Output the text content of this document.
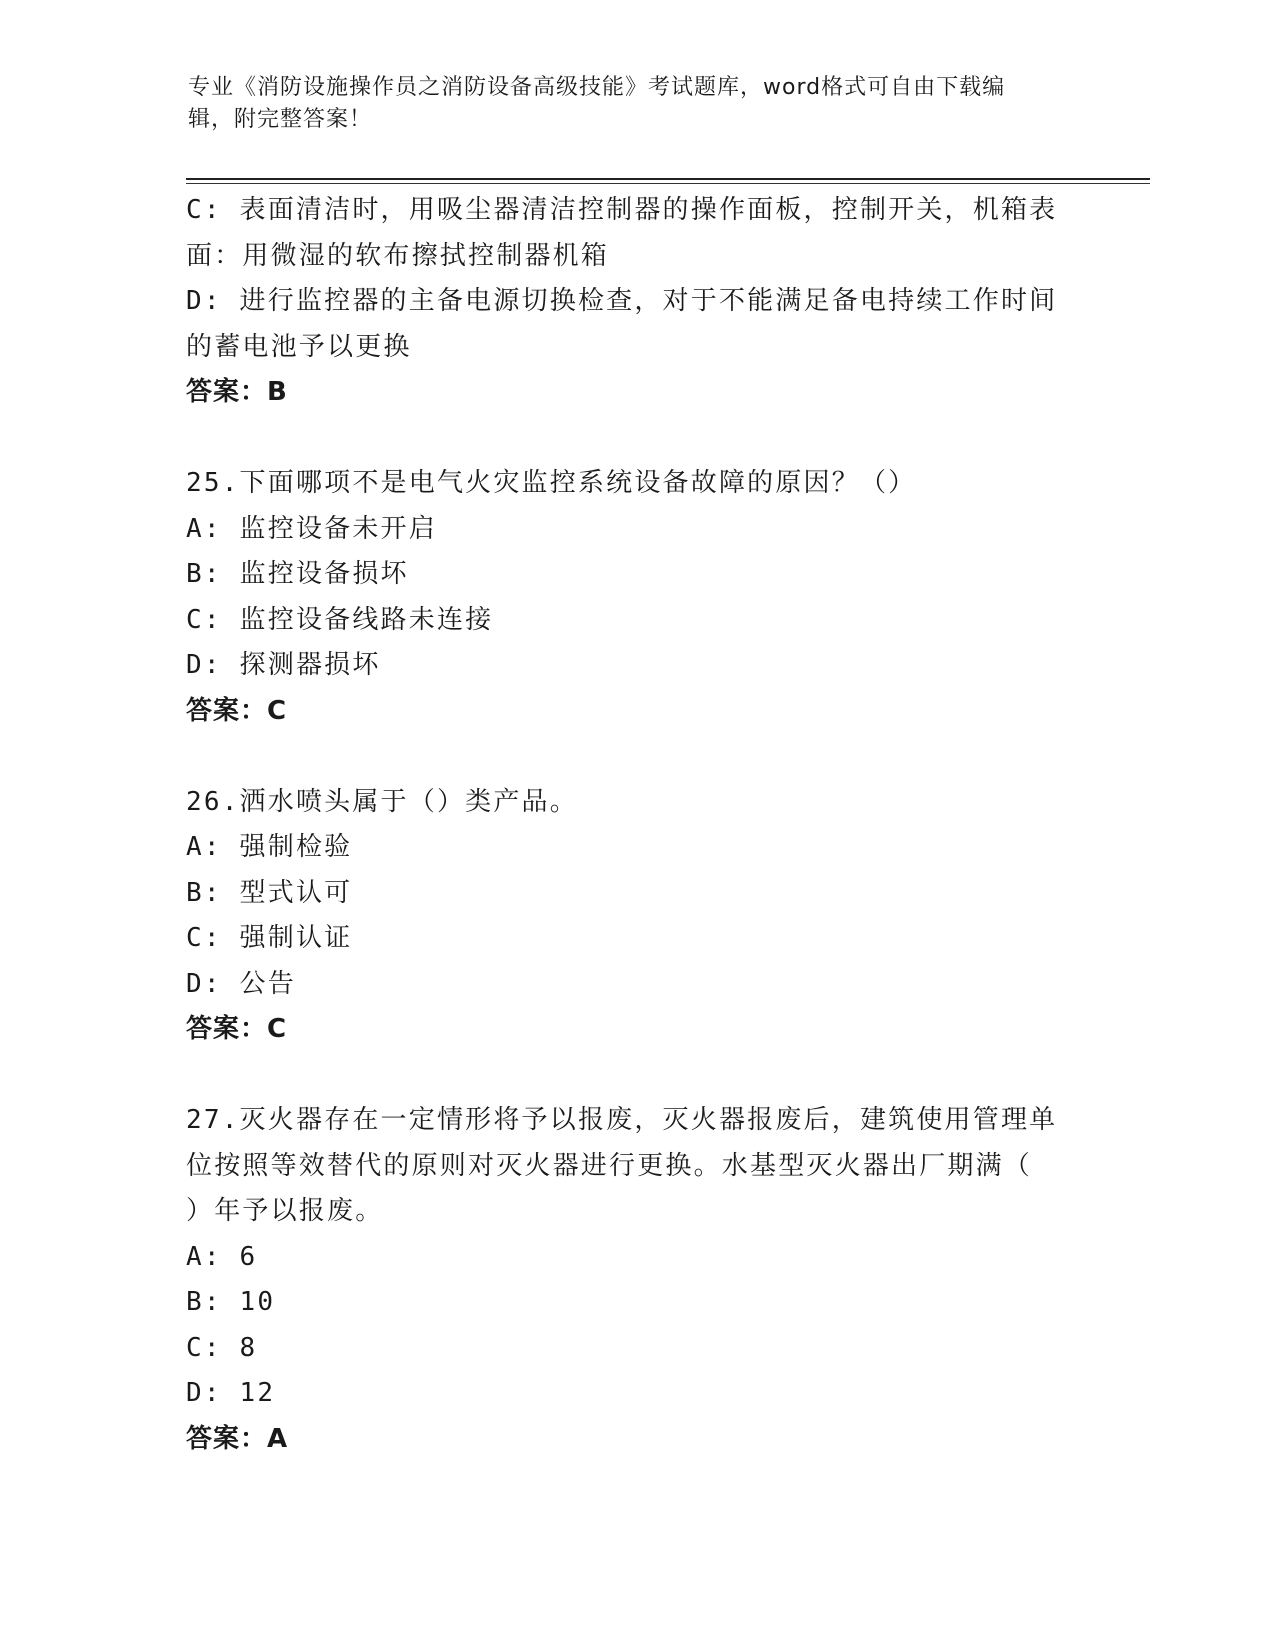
专业《消防设施操作员之消防设备高级技能》考试题库，word格式可自由下载编
辑，附完整答案！
C: 表面清洁时，用吸尘器清洁控制器的操作面板，控制开关，机箱表
面：用微湿的软布擦拭控制器机箱
D: 进行监控器的主备电源切换检查，对于不能满足备电持续工作时间
的蓄电池予以更换
答案：B
25.下面哪项不是电气火灾监控系统设备故障的原因？（）
A: 监控设备未开启
B: 监控设备损坏
C: 监控设备线路未连接
D: 探测器损坏
答案：C
26.洒水喷头属于（）类产品。
A: 强制检验
B: 型式认可
C: 强制认证
D: 公告
答案：C
27.灭火器存在一定情形将予以报废，灭火器报废后，建筑使用管理单
位按照等效替代的原则对灭火器进行更换。水基型灭火器出厂期满（
）年予以报废。
A: 6
B: 10
C: 8
D: 12
答案：A
